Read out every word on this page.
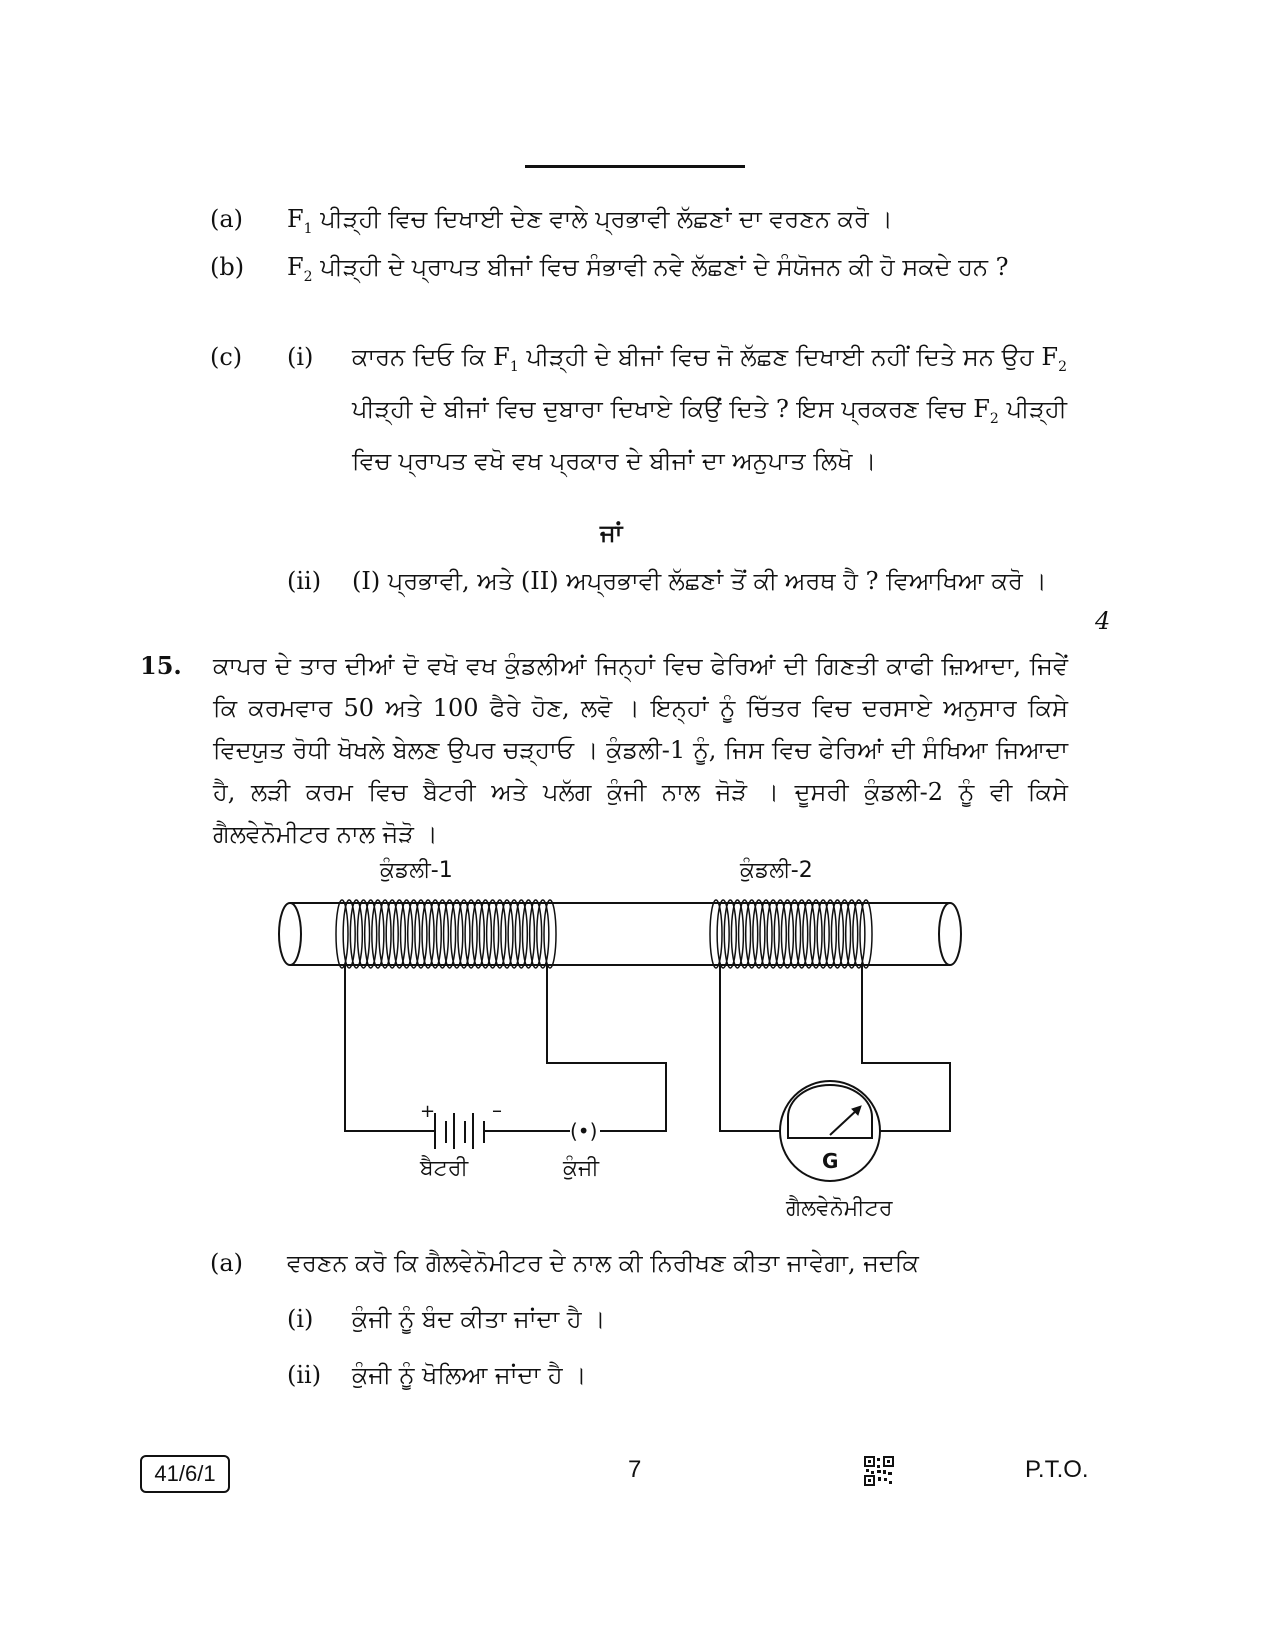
(a) $F_1$ ਪੀੜ੍ਹੀ ਵਿਚ ਦਿਖਾਈ ਦੇਣ ਵਾਲੇ ਪ੍ਰਭਾਵੀ ਲੱਛਣਾਂ ਦਾ ਵਰਣਨ ਕਰੋ ।
(b) $F_2$ ਪੀੜ੍ਹੀ ਦੇ ਪ੍ਰਾਪਤ ਬੀਜਾਂ ਵਿਚ ਸੰਭਾਵੀ ਨਵੇ ਲੱਛਣਾਂ ਦੇ ਸੰਯੋਜਨ ਕੀ ਹੋ ਸਕਦੇ ਹਨ ?
(c) (i) ਕਾਰਨ ਦਿਓ ਕਿ $F_1$ ਪੀੜ੍ਹੀ ਦੇ ਬੀਜਾਂ ਵਿਚ ਜੋ ਲੱਛਣ ਦਿਖਾਈ ਨਹੀਂ ਦਿਤੇ ਸਨ ਉਹ $F_2$ ਪੀੜ੍ਹੀ ਦੇ ਬੀਜਾਂ ਵਿਚ ਦੁਬਾਰਾ ਦਿਖਾਏ ਕਿਉਂ ਦਿਤੇ ? ਇਸ ਪ੍ਰਕਰਣ ਵਿਚ $F_2$ ਪੀੜ੍ਹੀ ਵਿਚ ਪ੍ਰਾਪਤ ਵਖੋ ਵਖ ਪ੍ਰਕਾਰ ਦੇ ਬੀਜਾਂ ਦਾ ਅਨੁਪਾਤ ਲਿਖੋ ।
ਜਾਂ
(ii) (I) ਪ੍ਰਭਾਵੀ, ਅਤੇ (II) ਅਪ੍ਰਭਾਵੀ ਲੱਛਣਾਂ ਤੋਂ ਕੀ ਅਰਥ ਹੈ ? ਵਿਆਖਿਆ ਕਰੋ ।
4
15. ਕਾਪਰ ਦੇ ਤਾਰ ਦੀਆਂ ਦੋ ਵਖੋ ਵਖ ਕੁੰਡਲੀਆਂ ਜਿਨ੍ਹਾਂ ਵਿਚ ਫੇਰਿਆਂ ਦੀ ਗਿਣਤੀ ਕਾਫੀ ਜ਼ਿਆਦਾ, ਜਿਵੇਂ ਕਿ ਕਰਮਵਾਰ 50 ਅਤੇ 100 ਫੈਰੇ ਹੋਣ, ਲਵੋ । ਇਨ੍ਹਾਂ ਨੂੰ ਚਿੱਤਰ ਵਿਚ ਦਰਸਾਏ ਅਨੁਸਾਰ ਕਿਸੇ ਵਿਦਯੁਤ ਰੋਧੀ ਖੋਖਲੇ ਬੇਲਣ ਉਪਰ ਚੜ੍ਹਾਓ । ਕੁੰਡਲੀ-1 ਨੂੰ, ਜਿਸ ਵਿਚ ਫੇਰਿਆਂ ਦੀ ਸੰਖਿਆ ਜਿਆਦਾ ਹੈ, ਲੜੀ ਕਰਮ ਵਿਚ ਬੈਟਰੀ ਅਤੇ ਪਲੱਗ ਕੁੰਜੀ ਨਾਲ ਜੋੜੋ । ਦੂਸਰੀ ਕੁੰਡਲੀ-2 ਨੂੰ ਵੀ ਕਿਸੇ ਗੈਲਵੇਨੋਮੀਟਰ ਨਾਲ ਜੋੜੋ ।
ਕੁੰਡਲੀ-1	ਕੁੰਡਲੀ-2
+	–
ਬੈਟਰੀ
(•)
ਕੁੰਜੀ	G
ਗੈਲਵੇਨੋਮੀਟਰ
(a) ਵਰਣਨ ਕਰੋ ਕਿ ਗੈਲਵੇਨੋਮੀਟਰ ਦੇ ਨਾਲ ਕੀ ਨਿਰੀਖਣ ਕੀਤਾ ਜਾਵੇਗਾ, ਜਦਕਿ
(i) ਕੁੰਜੀ ਨੂੰ ਬੰਦ ਕੀਤਾ ਜਾਂਦਾ ਹੈ ।
(ii) ਕੁੰਜੀ ਨੂੰ ਖੋਲਿਆ ਜਾਂਦਾ ਹੈ ।
41/6/1	7	P.T.O.
